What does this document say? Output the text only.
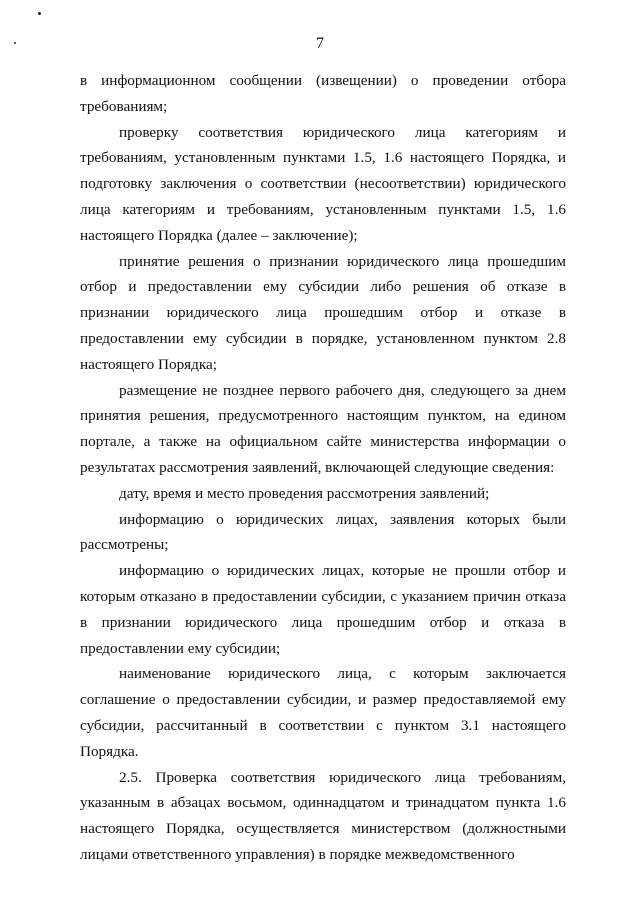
7

в информационном сообщении (извещении) о проведении отбора требованиям;

проверку соответствия юридического лица категориям и требованиям, установленным пунктами 1.5, 1.6 настоящего Порядка, и подготовку заключения о соответствии (несоответствии) юридического лица категориям и требованиям, установленным пунктами 1.5, 1.6 настоящего Порядка (далее – заключение);

принятие решения о признании юридического лица прошедшим отбор и предоставлении ему субсидии либо решения об отказе в признании юридического лица прошедшим отбор и отказе в предоставлении ему субсидии в порядке, установленном пунктом 2.8 настоящего Порядка;

размещение не позднее первого рабочего дня, следующего за днем принятия решения, предусмотренного настоящим пунктом, на едином портале, а также на официальном сайте министерства информации о результатах рассмотрения заявлений, включающей следующие сведения:

дату, время и место проведения рассмотрения заявлений;

информацию о юридических лицах, заявления которых были рассмотрены;

информацию о юридических лицах, которые не прошли отбор и которым отказано в предоставлении субсидии, с указанием причин отказа в признании юридического лица прошедшим отбор и отказа в предоставлении ему субсидии;

наименование юридического лица, с которым заключается соглашение о предоставлении субсидии, и размер предоставляемой ему субсидии, рассчитанный в соответствии с пунктом 3.1 настоящего Порядка.

2.5. Проверка соответствия юридического лица требованиям, указанным в абзацах восьмом, одиннадцатом и тринадцатом пункта 1.6 настоящего Порядка, осуществляется министерством (должностными лицами ответственного управления) в порядке межведомственного
